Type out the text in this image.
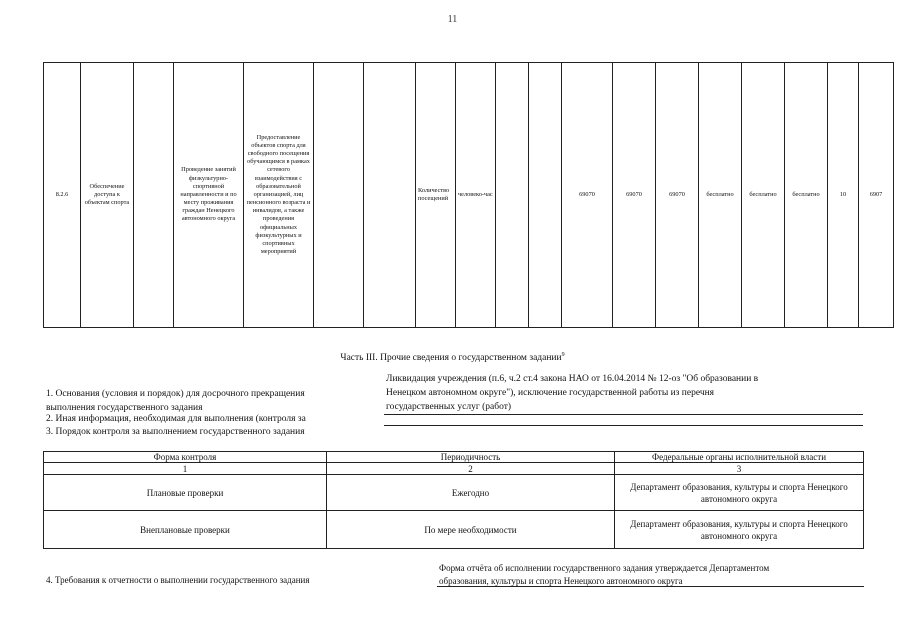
11
8.2.6	Обеспечение доступа к объектам спорта		Проведение занятий физкультурно-спортивной направленности и по месту проживания граждан Ненецкого автономного округа	Предоставление объектов спорта для свободного посещения обучающимся в рамках сетевого взаимодействия с образовательной организацией, лиц пенсионного возраста и инвалидов, а также проведения официальных физкультурных и спортивных мероприятий			Количество посещений	человеко-час			69070	69070	69070	бесплатно	бесплатно	бесплатно	10	6907
Часть III. Прочие сведения о государственном задании$^9$
Ликвидация учреждения (п.6, ч.2 ст.4 закона НАО от 16.04.2014 № 12-оз "Об образовании в
Ненецком автономном округе"), исключение государственной работы из перечня
государственных услуг (работ)
1. Основания (условия и порядок) для досрочного прекращения
выполнения государственного задания
2. Иная информация, необходимая для выполнения (контроля за
3. Порядок контроля за выполнением государственного задания
Форма контроля	Периодичность	Федеральные органы исполнительной власти
1	2	3
Плановые проверки	Ежегодно	Департамент образования, культуры и спорта Ненецкого
автономного округа

Внеплановые проверки	По мере необходимости	Департамент образования, культуры и спорта Ненецкого
автономного округа
4. Требования к отчетности о выполнении государственного задания
Форма отчёта об исполнении государственного задания утверждается Департаментом
образования, культуры и спорта Ненецкого автономного округа
